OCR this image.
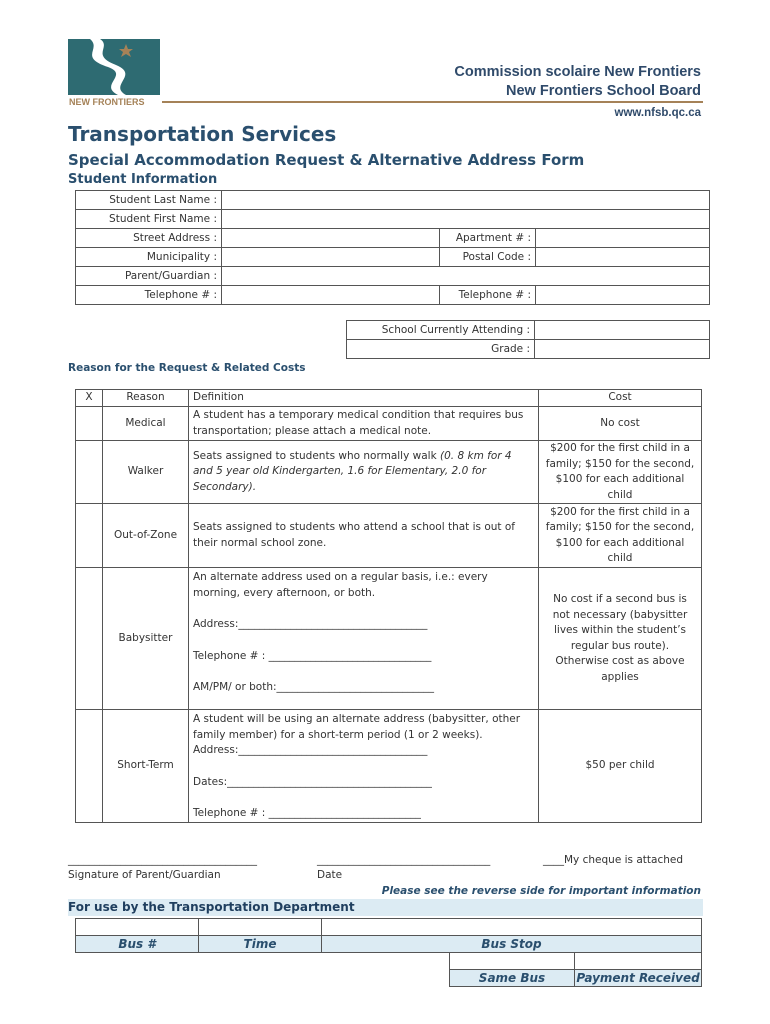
NEW FRONTIERS
Commission scolaire New Frontiers
New Frontiers School Board
www.nfsb.qc.ca
Transportation Services
Special Accommodation Request & Alternative Address Form
Student Information
Student Last Name :			
Student First Name :			
Street Address :		Apartment # :	
Municipality :		Postal Code :	
Parent/Guardian :			
Telephone # :		Telephone # :	
School Currently Attending :	
Grade :	
Reason for the Request & Related Costs
X	Reason	Definition	Cost
	Medical	A student has a temporary medical condition that requires bus transportation; please attach a medical note.	No cost
	Walker	Seats assigned to students who normally walk (0. 8 km for 4 and 5 year old Kindergarten, 1.6 for Elementary, 2.0 for Secondary).	$200 for the first child in a family; $150 for the second, $100 for each additional child
	Out-of-Zone	Seats assigned to students who attend a school that is out of their normal school zone.	$200 for the first child in a family; $150 for the second, $100 for each additional child
	Babysitter	An alternate address used on a regular basis, i.e.: every morning, every afternoon, or both.
Address:____________________________________
Telephone # : _______________________________
AM/PM/ or both:______________________________	No cost if a second bus is not necessary (babysitter lives within the student’s regular bus route). Otherwise cost as above applies
	Short-Term	A student will be using an alternate address (babysitter, other family member) for a short-term period (1 or 2 weeks).
Address:____________________________________
Dates:_______________________________________
Telephone # : _____________________________	$50 per child
____________________________________
Signature of Parent/Guardian
_________________________________
Date
____My cheque is attached
Please see the reverse side for important information
For use by the Transportation Department

Bus #	Time	Bus Stop		

			Same Bus	Payment Received
